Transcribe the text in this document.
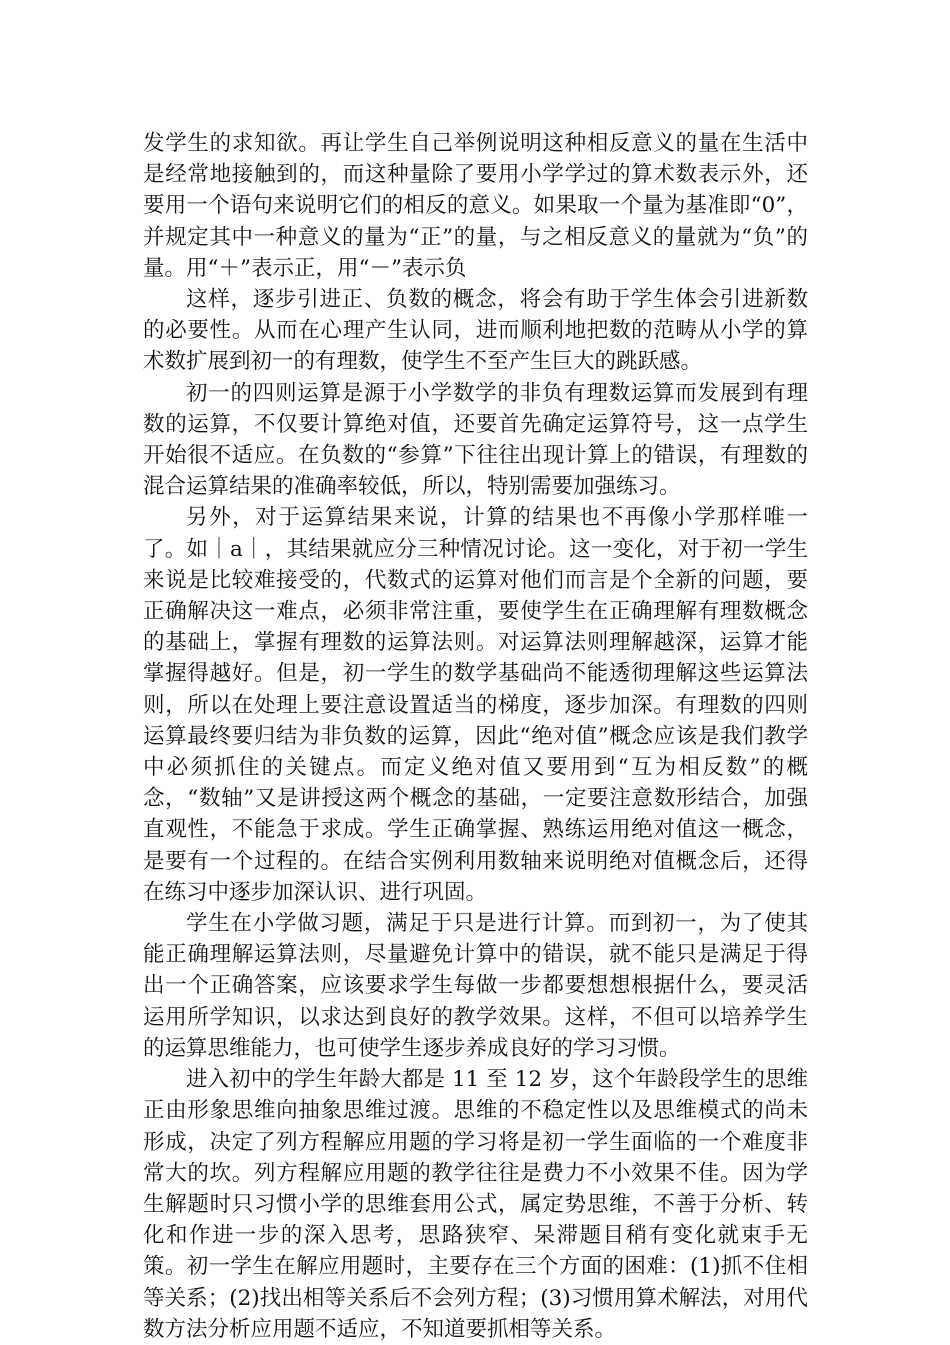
发学生的求知欲。再让学生自己举例说明这种相反意义的量在生活中是经常地接触到的，而这种量除了要用小学学过的算术数表示外，还要用一个语句来说明它们的相反的意义。如果取一个量为基准即“0”，并规定其中一种意义的量为“正”的量，与之相反意义的量就为“负”的量。用“＋”表示正，用“－”表示负

这样，逐步引进正、负数的概念，将会有助于学生体会引进新数的必要性。从而在心理产生认同，进而顺利地把数的范畴从小学的算术数扩展到初一的有理数，使学生不至产生巨大的跳跃感。

初一的四则运算是源于小学数学的非负有理数运算而发展到有理数的运算，不仅要计算绝对值，还要首先确定运算符号，这一点学生开始很不适应。在负数的“参算”下往往出现计算上的错误，有理数的混合运算结果的准确率较低，所以，特别需要加强练习。

另外，对于运算结果来说，计算的结果也不再像小学那样唯一了。如｜a｜，其结果就应分三种情况讨论。这一变化，对于初一学生来说是比较难接受的，代数式的运算对他们而言是个全新的问题，要正确解决这一难点，必须非常注重，要使学生在正确理解有理数概念的基础上，掌握有理数的运算法则。对运算法则理解越深，运算才能掌握得越好。但是，初一学生的数学基础尚不能透彻理解这些运算法则，所以在处理上要注意设置适当的梯度，逐步加深。有理数的四则运算最终要归结为非负数的运算，因此“绝对值”概念应该是我们教学中必须抓住的关键点。而定义绝对值又要用到“互为相反数”的概念，“数轴”又是讲授这两个概念的基础，一定要注意数形结合，加强直观性，不能急于求成。学生正确掌握、熟练运用绝对值这一概念，是要有一个过程的。在结合实例利用数轴来说明绝对值概念后，还得在练习中逐步加深认识、进行巩固。

学生在小学做习题，满足于只是进行计算。而到初一，为了使其能正确理解运算法则，尽量避免计算中的错误，就不能只是满足于得出一个正确答案，应该要求学生每做一步都要想想根据什么，要灵活运用所学知识，以求达到良好的教学效果。这样，不但可以培养学生的运算思维能力，也可使学生逐步养成良好的学习习惯。

进入初中的学生年龄大都是 11 至 12 岁，这个年龄段学生的思维正由形象思维向抽象思维过渡。思维的不稳定性以及思维模式的尚未形成，决定了列方程解应用题的学习将是初一学生面临的一个难度非常大的坎。列方程解应用题的教学往往是费力不小效果不佳。因为学生解题时只习惯小学的思维套用公式，属定势思维，不善于分析、转化和作进一步的深入思考，思路狭窄、呆滞题目稍有变化就束手无策。初一学生在解应用题时，主要存在三个方面的困难：(1)抓不住相等关系；(2)找出相等关系后不会列方程；(3)习惯用算术解法，对用代数方法分析应用题不适应，不知道要抓相等关系。
